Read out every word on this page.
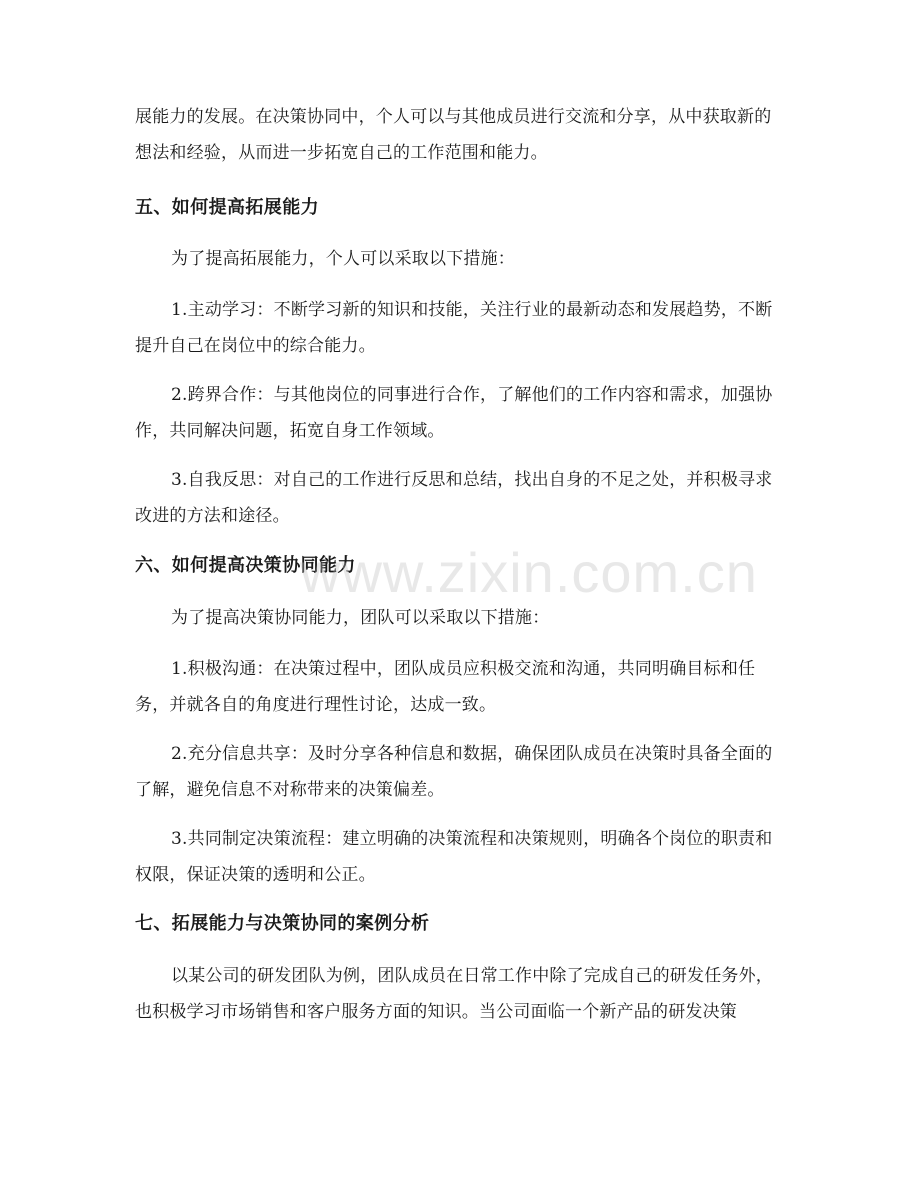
展能力的发展。在决策协同中，个人可以与其他成员进行交流和分享，从中获取新的想法和经验，从而进一步拓宽自己的工作范围和能力。

五、如何提高拓展能力

为了提高拓展能力，个人可以采取以下措施：

1.主动学习：不断学习新的知识和技能，关注行业的最新动态和发展趋势，不断提升自己在岗位中的综合能力。

2.跨界合作：与其他岗位的同事进行合作，了解他们的工作内容和需求，加强协作，共同解决问题，拓宽自身工作领域。

3.自我反思：对自己的工作进行反思和总结，找出自身的不足之处，并积极寻求改进的方法和途径。

六、如何提高决策协同能力

为了提高决策协同能力，团队可以采取以下措施：

1.积极沟通：在决策过程中，团队成员应积极交流和沟通，共同明确目标和任务，并就各自的角度进行理性讨论，达成一致。

2.充分信息共享：及时分享各种信息和数据，确保团队成员在决策时具备全面的了解，避免信息不对称带来的决策偏差。

3.共同制定决策流程：建立明确的决策流程和决策规则，明确各个岗位的职责和权限，保证决策的透明和公正。

七、拓展能力与决策协同的案例分析

以某公司的研发团队为例，团队成员在日常工作中除了完成自己的研发任务外，也积极学习市场销售和客户服务方面的知识。当公司面临一个新产品的研发决策

www.zixin.com.cn
